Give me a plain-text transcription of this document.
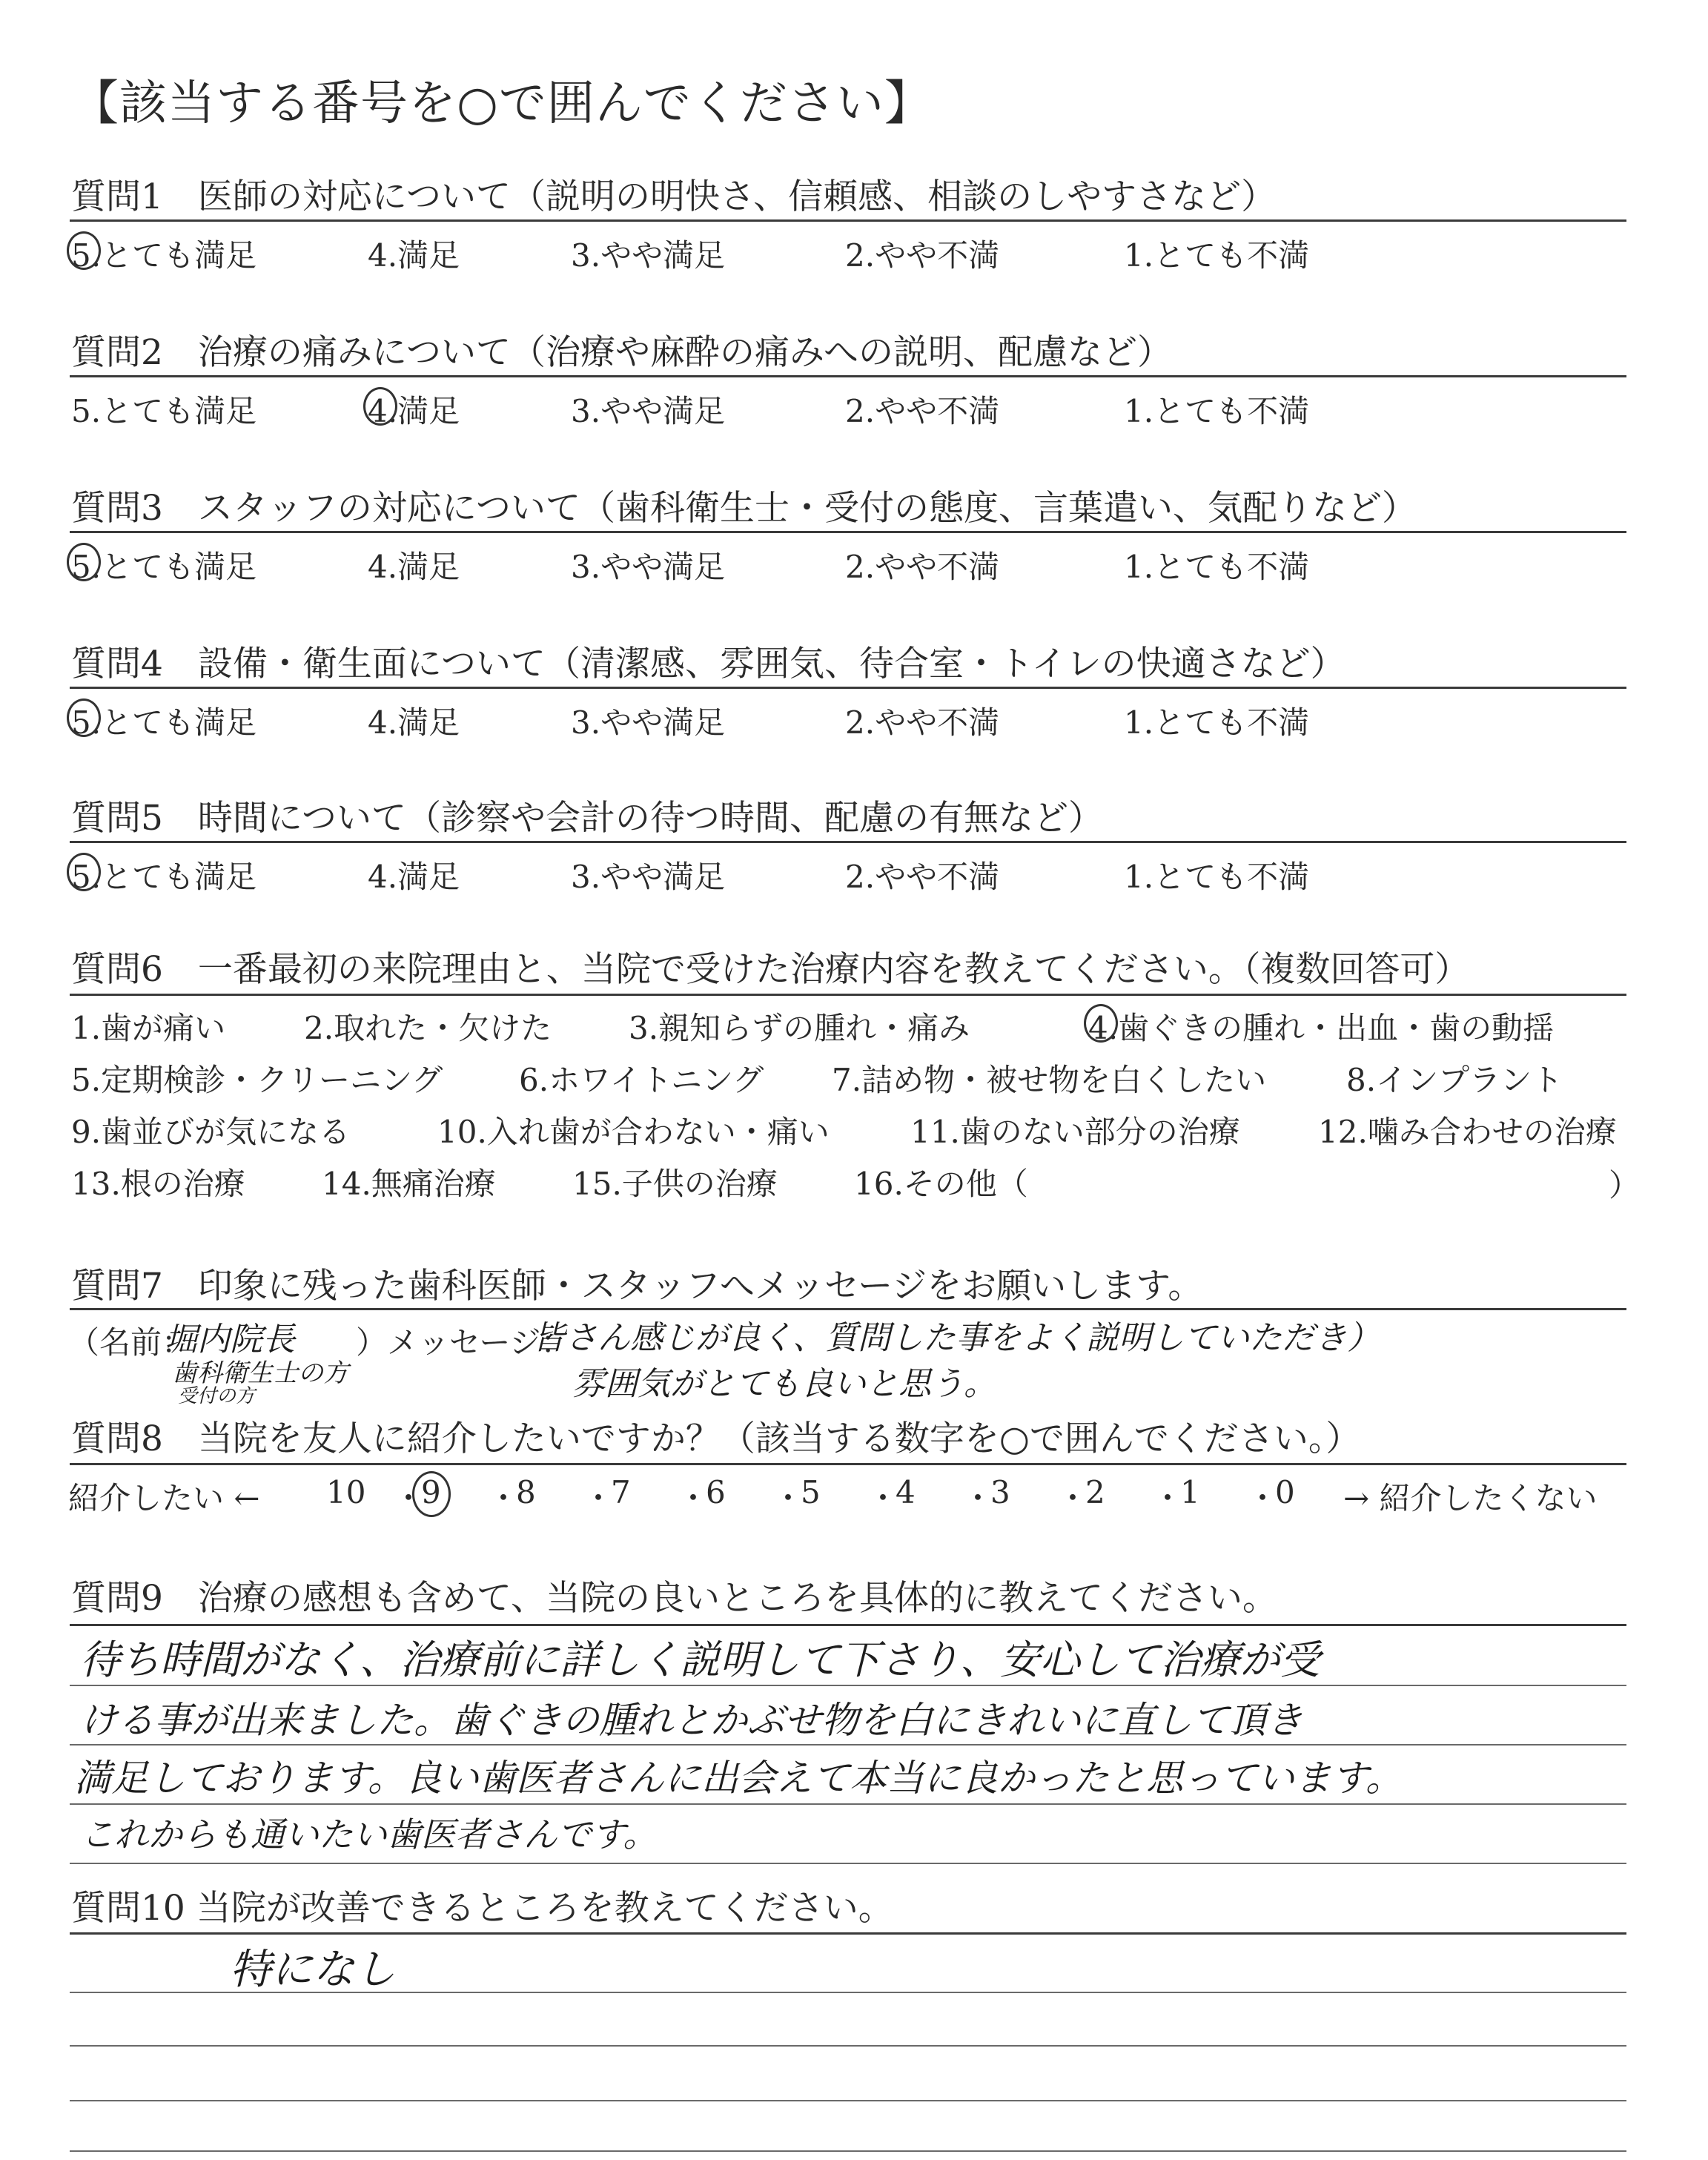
【該当する番号を○で囲んでください】
質問1　医師の対応について（説明の明快さ、信頼感、相談のしやすさなど）
5.とても満足	4.満足	3.やや満足	2.やや不満	1.とても不満
質問2　治療の痛みについて（治療や麻酔の痛みへの説明、配慮など）
5.とても満足	4.満足	3.やや満足	2.やや不満	1.とても不満
質問3　スタッフの対応について（歯科衛生士・受付の態度、言葉遣い、気配りなど）
5.とても満足	4.満足	3.やや満足	2.やや不満	1.とても不満
質問4　設備・衛生面について（清潔感、雰囲気、待合室・トイレの快適さなど）
5.とても満足	4.満足	3.やや満足	2.やや不満	1.とても不満
質問5　時間について（診察や会計の待つ時間、配慮の有無など）
5.とても満足	4.満足	3.やや満足	2.やや不満	1.とても不満
質問6　一番最初の来院理由と、当院で受けた治療内容を教えてください。（複数回答可）
1.歯が痛い	2.取れた・欠けた 3.親知らずの腫れ・痛み	4.歯ぐきの腫れ・出血・歯の動揺
5.定期検診・クリーニング 6.ホワイトニング 7.詰め物・被せ物を白くしたい	8.インプラント
9.歯並びが気になる	10.入れ歯が合わない・痛い	11.歯のない部分の治療	12.噛み合わせの治療
13.根の治療 14.無痛治療 15.子供の治療 16.その他（	）
質問7　印象に残った歯科医師・スタッフへメッセージをお願いします。
（名前：
堀内院長
歯科衛生士の方
受付の方
）メッセージ：
皆さん感じが良く、質問した事をよく説明していただき）
雰囲気がとても良いと思う。
質問8　当院を友人に紹介したいですか？（該当する数字を○で囲んでください。）
紹介したい ← 10 ・
9 ・
8 ・
7 ・
6 ・
5 ・
4 ・
3 ・
2 ・
1 ・
0 → 紹介したくない
質問9　治療の感想も含めて、当院の良いところを具体的に教えてください。
待ち時間がなく、治療前に詳しく説明して下さり、安心して治療が受
ける事が出来ました。歯ぐきの腫れとかぶせ物を白にきれいに直して頂き
満足しております。良い歯医者さんに出会えて本当に良かったと思っています。
これからも通いたい歯医者さんです。
質問10 当院が改善できるところを教えてください。
特になし
